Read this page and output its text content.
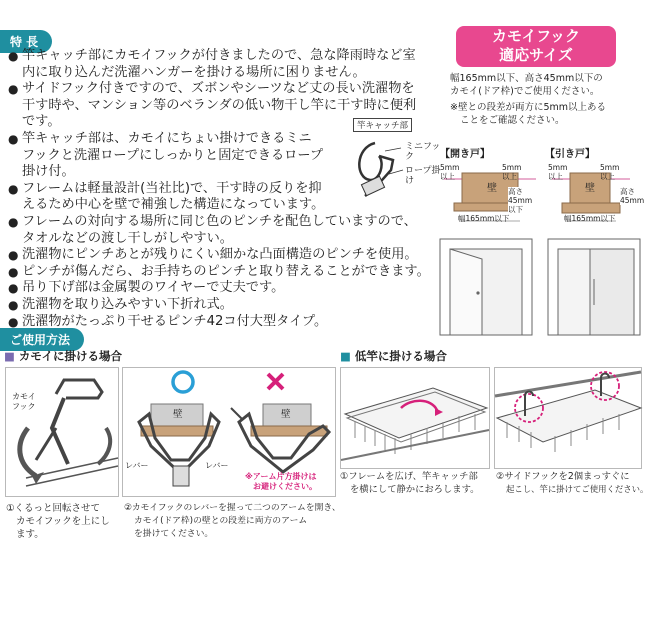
特 長
● 竿キャッチ部にカモイフックが付きましたので、急な降雨時など室
内に取り込んだ洗濯ハンガーを掛ける場所に困りません。
● サイドフック付きですので、ズボンやシーツなど丈の長い洗濯物を
干す時や、マンション等のベランダの低い物干し竿に干す時に便利
です。
● 竿キャッチ部は、カモイにちょい掛けできるミニ
フックと洗濯ロープにしっかりと固定できるロープ
掛け付。
● フレームは軽量設計(当社比)で、干す時の反りを抑
えるため中心を壁で補強した構造になっています。
● フレームの対向する場所に同じ色のピンチを配色していますので、
タオルなどの渡し干しがしやすい。
● 洗濯物にピンチあとが残りにくい細かな凸面構造のピンチを使用。
● ピンチが傷んだら、お手持ちのピンチと取り替えることができます。
● 吊り下げ部は金属製のワイヤーで丈夫です。
● 洗濯物を取り込みやすい下折れ式。
● 洗濯物がたっぷり干せるピンチ42コ付大型タイプ。
竿キャッチ部
ミニフック
ロープ掛け
カモイフック
適応サイズ
幅165mm以下、高さ45mm以下の
カモイ(ドア枠)でご使用ください。
※壁との段差が両方に5mm以上ある
ことをご確認ください。
【開き戸】	【引き戸】
壁	壁
5mm
以上
5mm
以上
5mm
以上
5mm
以上
高さ
45mm
以下
高さ
45mm
幅165mm以下	幅165mm以下
ご使用方法
■ カモイに掛ける場合	■ 低竿に掛ける場合
カモイ
フック
壁	壁
レバー	レバー
※アーム片方掛けは
お避けください。
①くるっと回転させて
カモイフックを上にし
ます。
②カモイフックのレバーを握って二つのアームを開き、
カモイ(ドア枠)の壁との段差に両方のアーム
を掛けてください。
①フレームを広げ、竿キャッチ部
を横にして静かにおろします。
②サイドフックを2個まっすぐに
起こし、竿に掛けてご使用ください。
